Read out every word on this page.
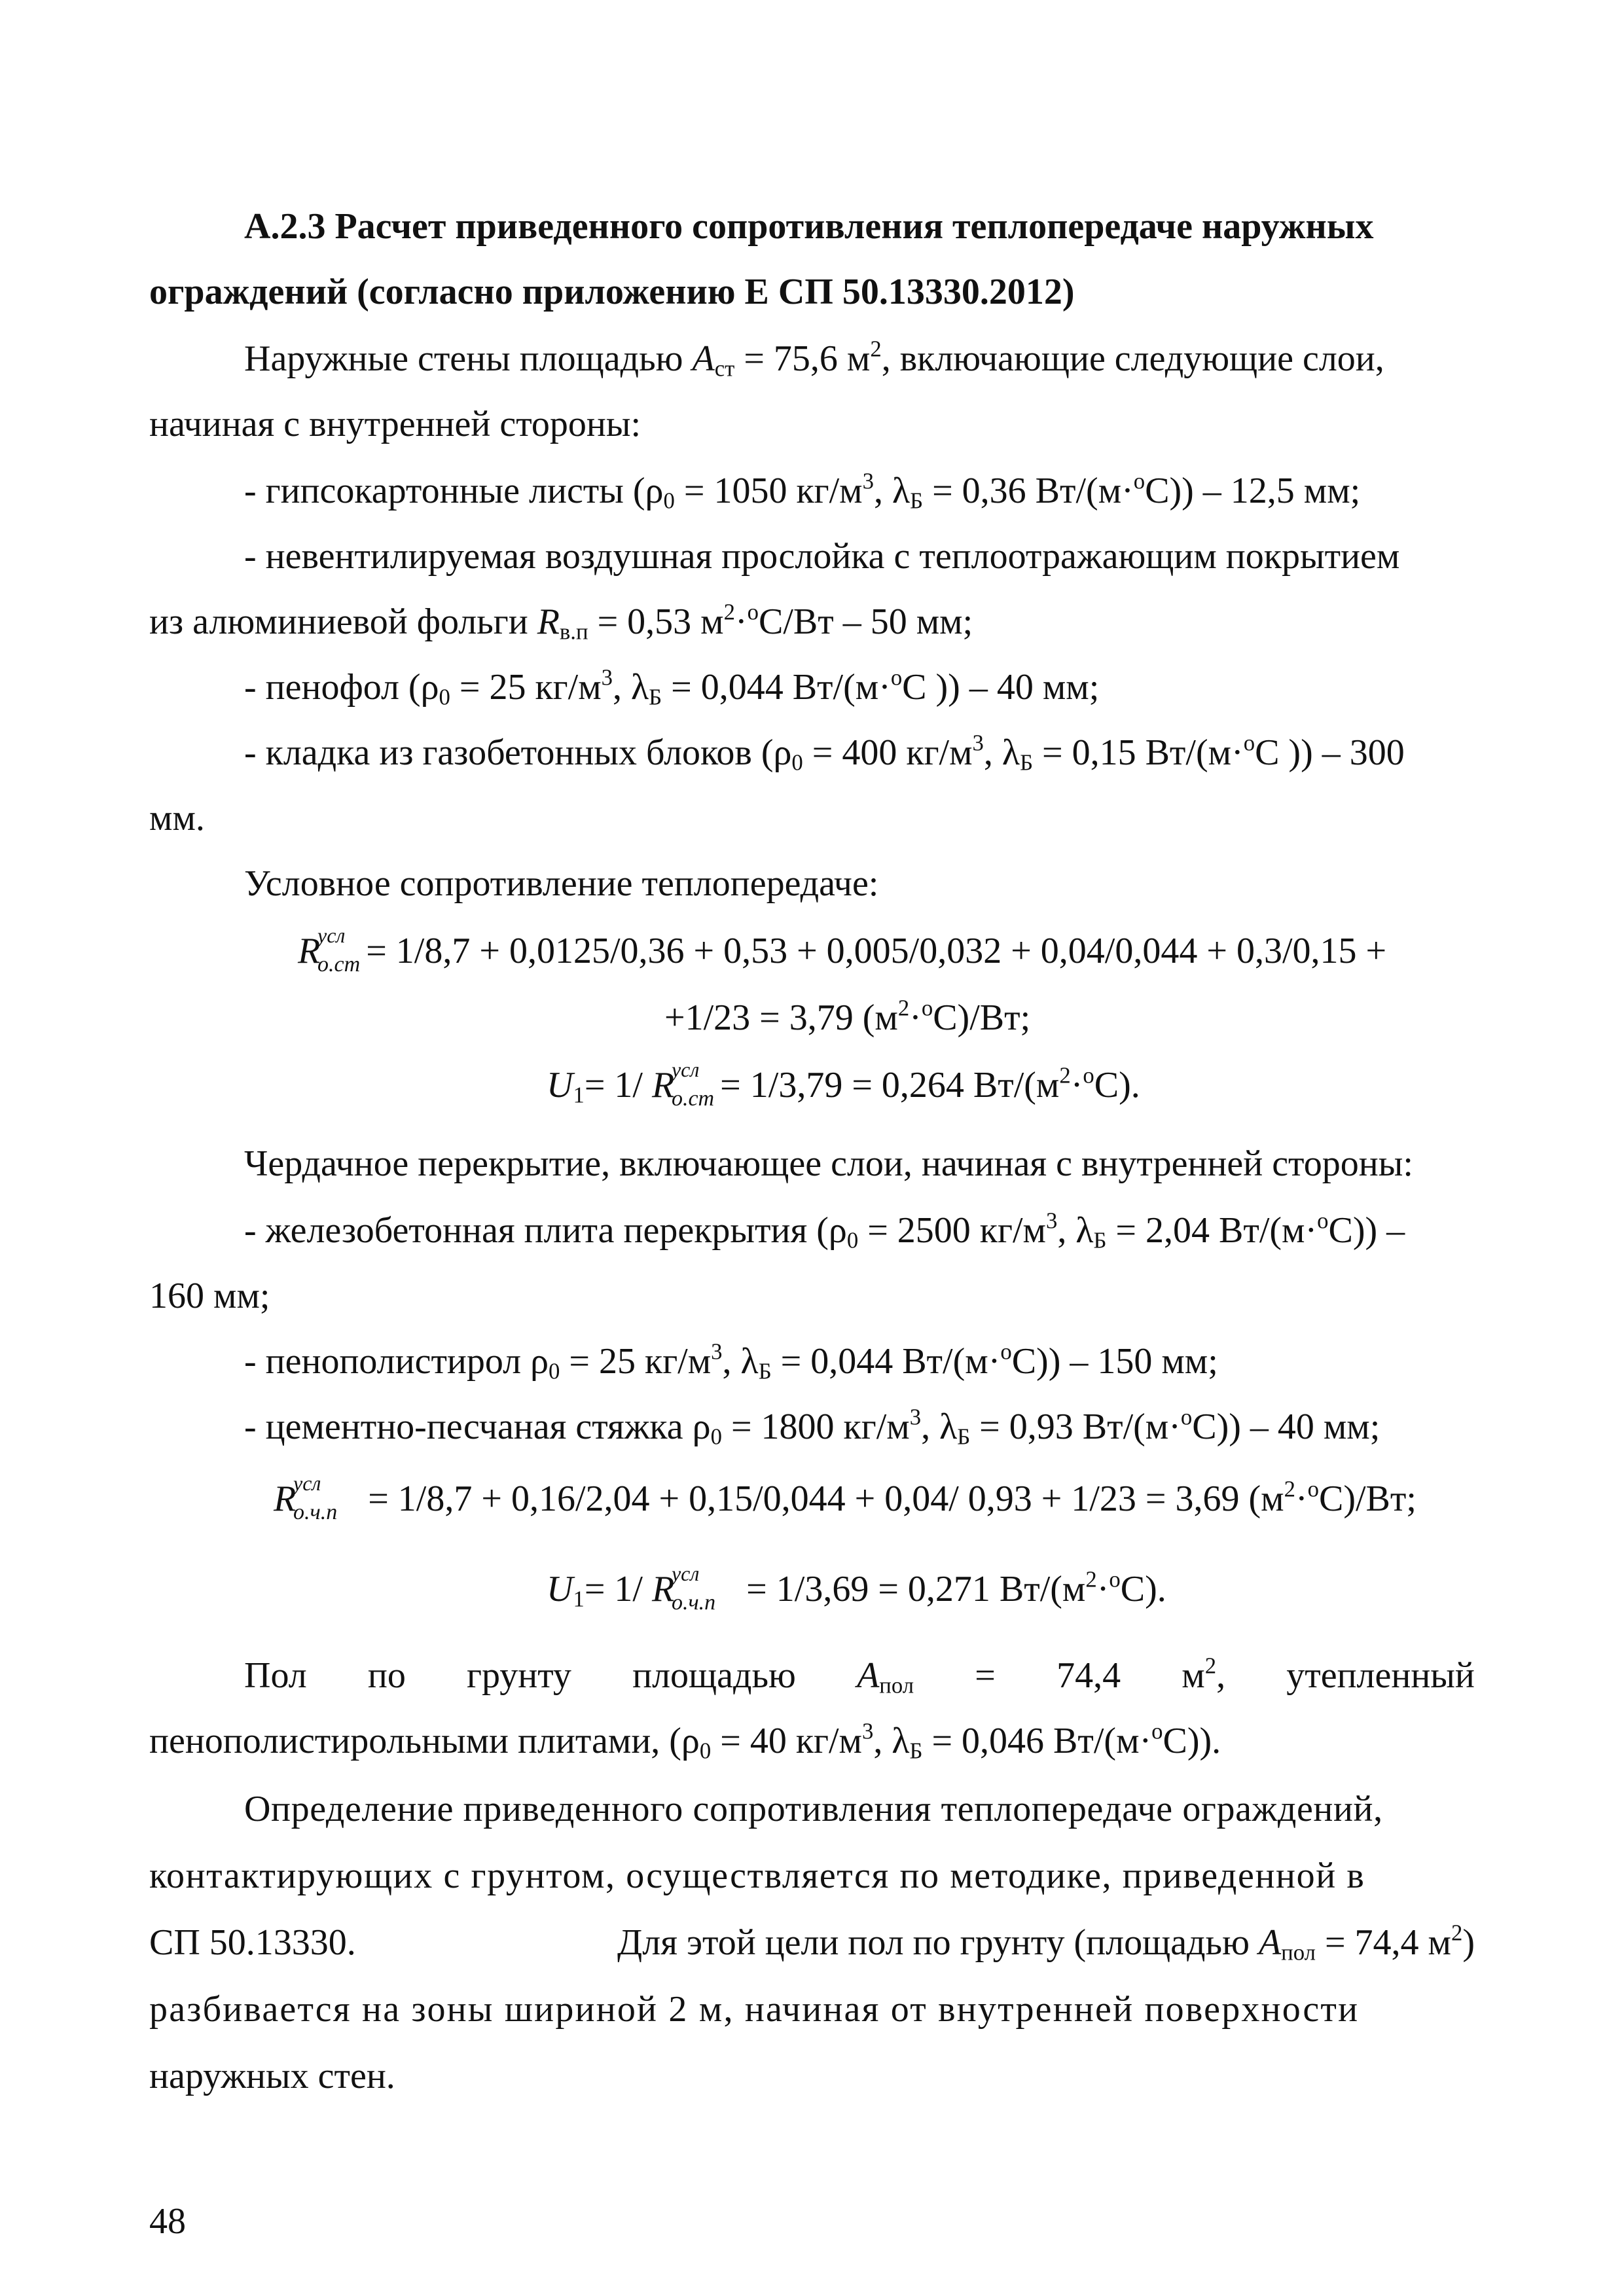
А.2.3 Расчет приведенного сопротивления теплопередаче наружных
ограждений (согласно приложению Е СП 50.13330.2012)
Наружные стены площадью $A_{ст} = 75,6$ $м^2$, включающие следующие слои,
начиная с внутренней стороны:
- гипсокартонные листы ($\rho_0 = 1050$ $кг/м^3$, $\lambda_Б = 0,36$ Вт/(м·$^о$С)) – 12,5 мм;
- невентилируемая воздушная прослойка с теплоотражающим покрытием
из алюминиевой фольги $R_{в.п} = 0,53$ $м^2\cdot^оС/Вт - 50$ мм;
- пенофол ($\rho_0 = 25$ $кг/м^3$, $\lambda_Б = 0,044$ Вт/(м·$^о$С )) – 40 мм;
- кладка из газобетонных блоков ($\rho_0 = 400$ $кг/м^3$, $\lambda_Б = 0,15$ Вт/(м·$^о$С )) – 300
мм.
Условное сопротивление теплопередаче:
R
усл
о.ст = 1/8,7 + 0,0125/0,36 + 0,53 + 0,005/0,032 + 0,04/0,044 + 0,3/0,15 +
+1/23 = 3,79 $(м^2\cdot^оС)/Вт$;
$U_1= 1/$ R
усл
о.ст = 1/3,79 = 0,264 $Вт/(м^2\cdot^оС)$.
Чердачное перекрытие, включающее слои, начиная с внутренней стороны:
- железобетонная плита перекрытия ($\rho_0 = 2500$ $кг/м^3$, $\lambda_Б = 2,04$ Вт/(м·$^о$С)) –
160 мм;
- пенополистирол $\rho_0 = 25$ $кг/м^3$, $\lambda_Б = 0,044$ Вт/(м·$^о$С)) – 150 мм;
- цементно-песчаная стяжка $\rho_0 = 1800$ $кг/м^3$, $\lambda_Б = 0,93$ Вт/(м·$^о$С)) – 40 мм;
R
усл
о.ч.п = 1/8,7 + 0,16/2,04 + 0,15/0,044 + 0,04/ 0,93 + 1/23 = 3,69 $(м^2\cdot^оС)/Вт$;
$U_1= 1/$ R
усл
о.ч.п = 1/3,69 = 0,271 $Вт/(м^2\cdot^оС)$.
Пол по грунту площадью $A_{пол} = 74,4$ $м^2$, утепленный
пенополистирольными плитами, ($\rho_0 = 40$ $кг/м^3$, $\lambda_Б = 0,046$ Вт/(м·$^о$С)).
Определение приведенного сопротивления теплопередаче ограждений,
контактирующих с грунтом, осуществляется по методике, приведенной в
СП 50.13330.	Для этой цели пол по грунту (площадью $A_{пол} = 74,4$ $м^2$)
разбивается на зоны шириной 2 м, начиная от внутренней поверхности
наружных стен.
48
